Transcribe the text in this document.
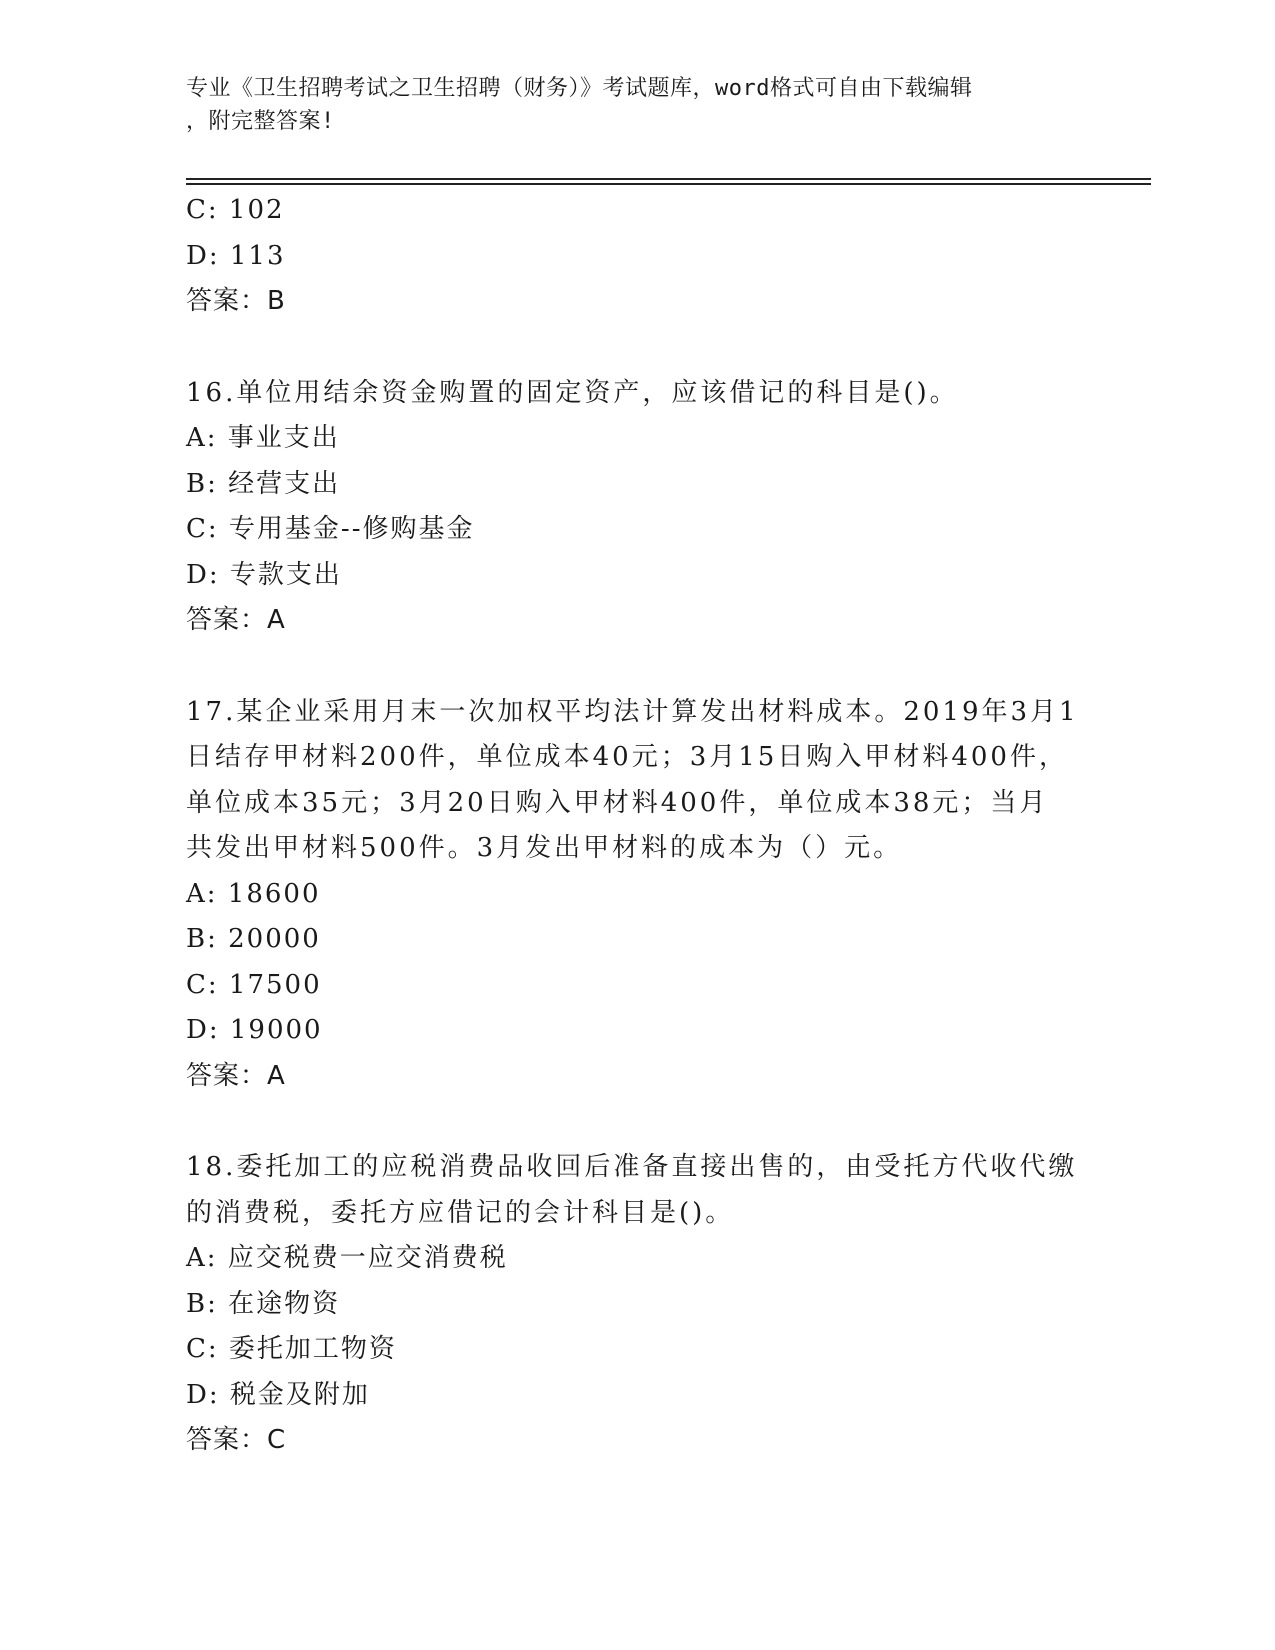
专业《卫生招聘考试之卫生招聘（财务）》考试题库，word格式可自由下载编辑
，附完整答案!
C: 102
D: 113
答案：B
16.单位用结余资金购置的固定资产，应该借记的科目是()。
A: 事业支出
B: 经营支出
C: 专用基金--修购基金
D: 专款支出
答案：A
17.某企业采用月末一次加权平均法计算发出材料成本。2019年3月1
日结存甲材料200件，单位成本40元；3月15日购入甲材料400件，
单位成本35元；3月20日购入甲材料400件，单位成本38元；当月
共发出甲材料500件。3月发出甲材料的成本为（）元。
A: 18600
B: 20000
C: 17500
D: 19000
答案：A
18.委托加工的应税消费品收回后准备直接出售的，由受托方代收代缴
的消费税，委托方应借记的会计科目是()。
A: 应交税费一应交消费税
B: 在途物资
C: 委托加工物资
D: 税金及附加
答案：C
